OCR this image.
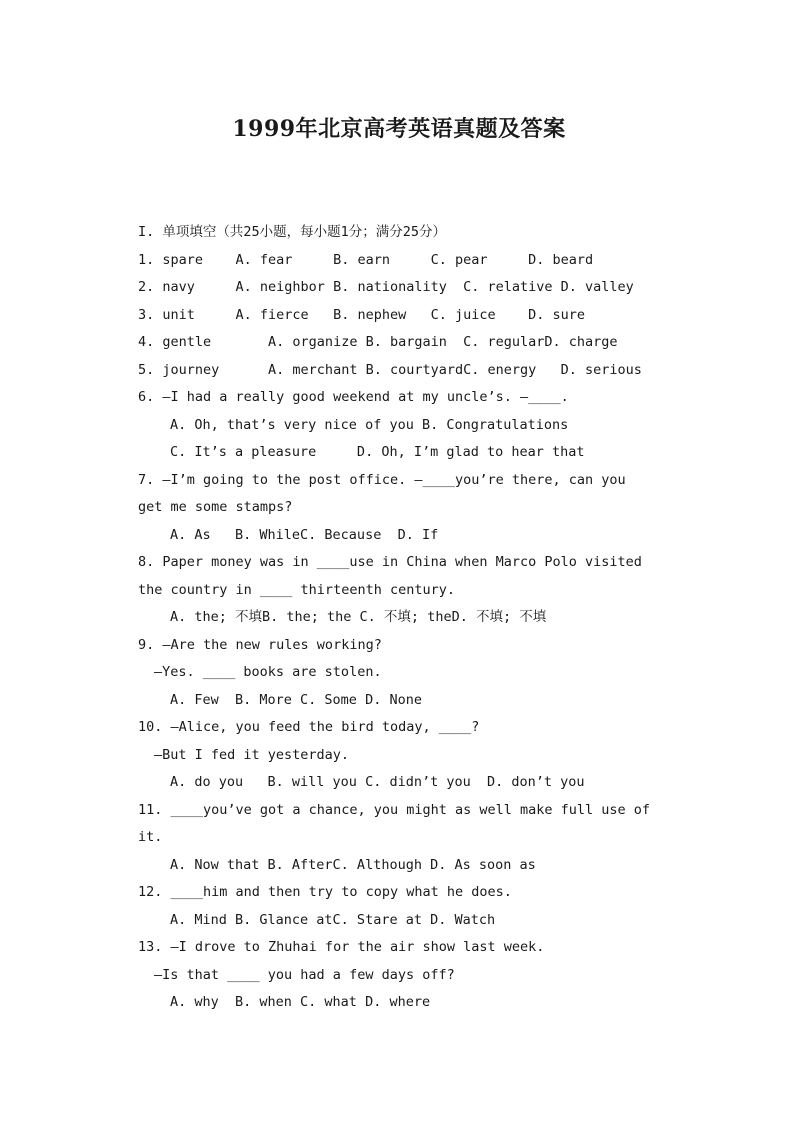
1999年北京高考英语真题及答案
I. 单项填空（共25小题，每小题1分；满分25分）
1. spare    A. fear     B. earn     C. pear     D. beard
2. navy     A. neighbor B. nationality  C. relative D. valley
3. unit     A. fierce   B. nephew   C. juice    D. sure
4. gentle       A. organize B. bargain  C. regularD. charge
5. journey      A. merchant B. courtyardC. energy   D. serious
6. —I had a really good weekend at my uncle’s. —____.
A. Oh, that’s very nice of you B. Congratulations
C. It’s a pleasure     D. Oh, I’m glad to hear that
7. —I’m going to the post office. —____you’re there, can you
get me some stamps?
A. As   B. WhileC. Because  D. If
8. Paper money was in ____use in China when Marco Polo visited
the country in ____ thirteenth century.
A. the; 不填B. the; the C. 不填; theD. 不填; 不填
9. —Are the new rules working?
—Yes. ____ books are stolen.
A. Few  B. More C. Some D. None
10. —Alice, you feed the bird today, ____?
—But I fed it yesterday.
A. do you   B. will you C. didn’t you  D. don’t you
11. ____you’ve got a chance, you might as well make full use of
it.
A. Now that B. AfterC. Although D. As soon as
12. ____him and then try to copy what he does.
A. Mind B. Glance atC. Stare at D. Watch
13. —I drove to Zhuhai for the air show last week.
—Is that ____ you had a few days off?
A. why  B. when C. what D. where
